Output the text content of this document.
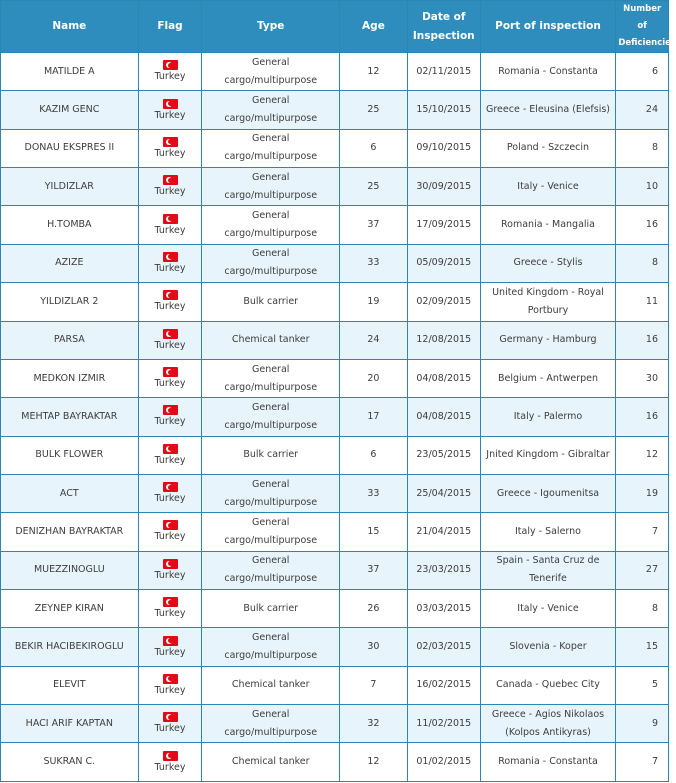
Name	Flag	Type	Age	Date of Inspection	Port of inspection	Number of Deficiencies
MATILDE A	Turkey	General cargo/multipurpose	12	02/11/2015	Romania - Constanta	6
KAZIM GENC	Turkey	General cargo/multipurpose	25	15/10/2015	Greece - Eleusina (Elefsis)	24
DONAU EKSPRES II	Turkey	General cargo/multipurpose	6	09/10/2015	Poland - Szczecin	8
YILDIZLAR	Turkey	General cargo/multipurpose	25	30/09/2015	Italy - Venice	10
H.TOMBA	Turkey	General cargo/multipurpose	37	17/09/2015	Romania - Mangalia	16
AZIZE	Turkey	General cargo/multipurpose	33	05/09/2015	Greece - Stylis	8
YILDIZLAR 2	Turkey	Bulk carrier	19	02/09/2015	United Kingdom - Royal Portbury	11
PARSA	Turkey	Chemical tanker	24	12/08/2015	Germany - Hamburg	16
MEDKON IZMIR	Turkey	General cargo/multipurpose	20	04/08/2015	Belgium - Antwerpen	30
MEHTAP BAYRAKTAR	Turkey	General cargo/multipurpose	17	04/08/2015	Italy - Palermo	16
BULK FLOWER	Turkey	Bulk carrier	6	23/05/2015	Jnited Kingdom - Gibraltar	12
ACT	Turkey	General cargo/multipurpose	33	25/04/2015	Greece - Igoumenitsa	19
DENIZHAN BAYRAKTAR	Turkey	General cargo/multipurpose	15	21/04/2015	Italy - Salerno	7
MUEZZINOGLU	Turkey	General cargo/multipurpose	37	23/03/2015	Spain - Santa Cruz de Tenerife	27
ZEYNEP KIRAN	Turkey	Bulk carrier	26	03/03/2015	Italy - Venice	8
BEKIR HACIBEKIROGLU	Turkey	General cargo/multipurpose	30	02/03/2015	Slovenia - Koper	15
ELEVIT	Turkey	Chemical tanker	7	16/02/2015	Canada - Quebec City	5
HACI ARIF KAPTAN	Turkey	General cargo/multipurpose	32	11/02/2015	Greece - Agios Nikolaos (Kolpos Antikyras)	9
SUKRAN C.	Turkey	Chemical tanker	12	01/02/2015	Romania - Constanta	7
